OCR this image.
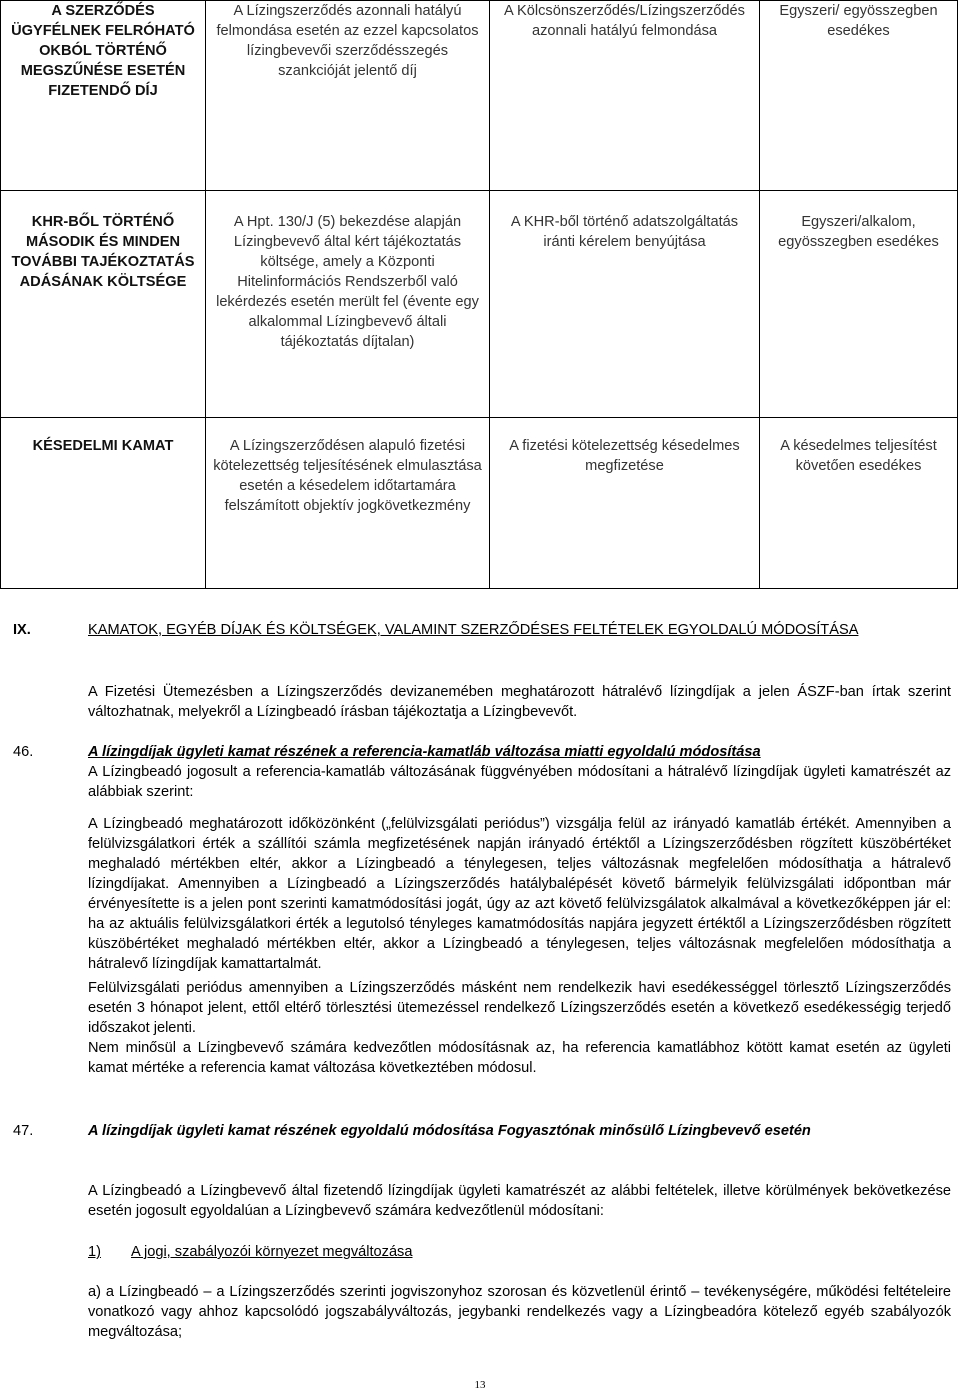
A SZERZŐDÉS ÜGYFÉLNEK FELRÓHATÓ OKBÓL TÖRTÉNŐ MEGSZŰNÉSE ESETÉN FIZETENDŐ DÍJ	A Lízingszerződés azonnali hatályú felmondása esetén az ezzel kapcsolatos lízingbevevői szerződésszegés szankcióját jelentő díj	A Kölcsönszerződés/Lízingszerződés azonnali hatályú felmondása	Egyszeri/ egyösszegben esedékes

KHR-BŐL TÖRTÉNŐ MÁSODIK ÉS MINDEN TOVÁBBI TAJÉKOZTATÁS ADÁSÁNAK KÖLTSÉGE	A Hpt. 130/J (5) bekezdése alapján Lízingbevevő által kért tájékoztatás költsége, amely a Központi Hitelinformációs Rendszerből való lekérdezés esetén merült fel (évente egy alkalommal Lízingbevevő általi tájékoztatás díjtalan)	A KHR-ből történő adatszolgáltatás iránti kérelem benyújtása	Egyszeri/alkalom, egyösszegben esedékes

KÉSEDELMI KAMAT	A Lízingszerződésen alapuló fizetési kötelezettség teljesítésének elmulasztása esetén a késedelem időtartamára felszámított objektív jogkövetkezmény	A fizetési kötelezettség késedelmes megfizetése	A késedelmes teljesítést követően esedékes

IX.	KAMATOK, EGYÉB DÍJAK ÉS KÖLTSÉGEK, VALAMINT SZERZŐDÉSES FELTÉTELEK EGYOLDALÚ MÓDOSÍTÁSA

A Fizetési Ütemezésben a Lízingszerződés devizanemében meghatározott hátralévő lízingdíjak a jelen ÁSZF-ban írtak szerint változhatnak, melyekről a Lízingbeadó írásban tájékoztatja a Lízingbevevőt.

46.	A lízingdíjak ügyleti kamat részének a referencia-kamatláb változása miatti egyoldalú módosítása

A Lízingbeadó jogosult a referencia-kamatláb változásának függvényében módosítani a hátralévő lízingdíjak ügyleti kamatrészét az alábbiak szerint:

A Lízingbeadó meghatározott időközönként („felülvizsgálati periódus”) vizsgálja felül az irányadó kamatláb értékét. Amennyiben a felülvizsgálatkori érték a szállítói számla megfizetésének napján irányadó értéktől a Lízingszerződésben rögzített küszöbértéket meghaladó mértékben eltér, akkor a Lízingbeadó a ténylegesen, teljes változásnak megfelelően módosíthatja a hátralevő lízingdíjakat. Amennyiben a Lízingbeadó a Lízingszerződés hatálybalépését követő bármelyik felülvizsgálati időpontban már érvényesítette is a jelen pont szerinti kamatmódosítási jogát, úgy az azt követő felülvizsgálatok alkalmával a következőképpen jár el: ha az aktuális felülvizsgálatkori érték a legutolsó tényleges kamatmódosítás napjára jegyzett értéktől a Lízingszerződésben rögzített küszöbértéket meghaladó mértékben eltér, akkor a Lízingbeadó a ténylegesen, teljes változásnak megfelelően módosíthatja a hátralevő lízingdíjak kamattartalmát.

Felülvizsgálati periódus amennyiben a Lízingszerződés másként nem rendelkezik havi esedékességgel törlesztő Lízingszerződés esetén 3 hónapot jelent, ettől eltérő törlesztési ütemezéssel rendelkező Lízingszerződés esetén a következő esedékességig terjedő időszakot jelenti.

Nem minősül a Lízingbevevő számára kedvezőtlen módosításnak az, ha referencia kamatlábhoz kötött kamat esetén az ügyleti kamat mértéke a referencia kamat változása következtében módosul.

47.	A lízingdíjak ügyleti kamat részének egyoldalú módosítása Fogyasztónak minősülő Lízingbevevő esetén

A Lízingbeadó a Lízingbevevő által fizetendő lízingdíjak ügyleti kamatrészét az alábbi feltételek, illetve körülmények bekövetkezése esetén jogosult egyoldalúan a Lízingbevevő számára kedvezőtlenül módosítani:

1) A jogi, szabályozói környezet megváltozása

a) a Lízingbeadó – a Lízingszerződés szerinti jogviszonyhoz szorosan és közvetlenül érintő – tevékenységére, működési feltételeire vonatkozó vagy ahhoz kapcsolódó jogszabályváltozás, jegybanki rendelkezés vagy a Lízingbeadóra kötelező egyéb szabályozók megváltozása;

13
